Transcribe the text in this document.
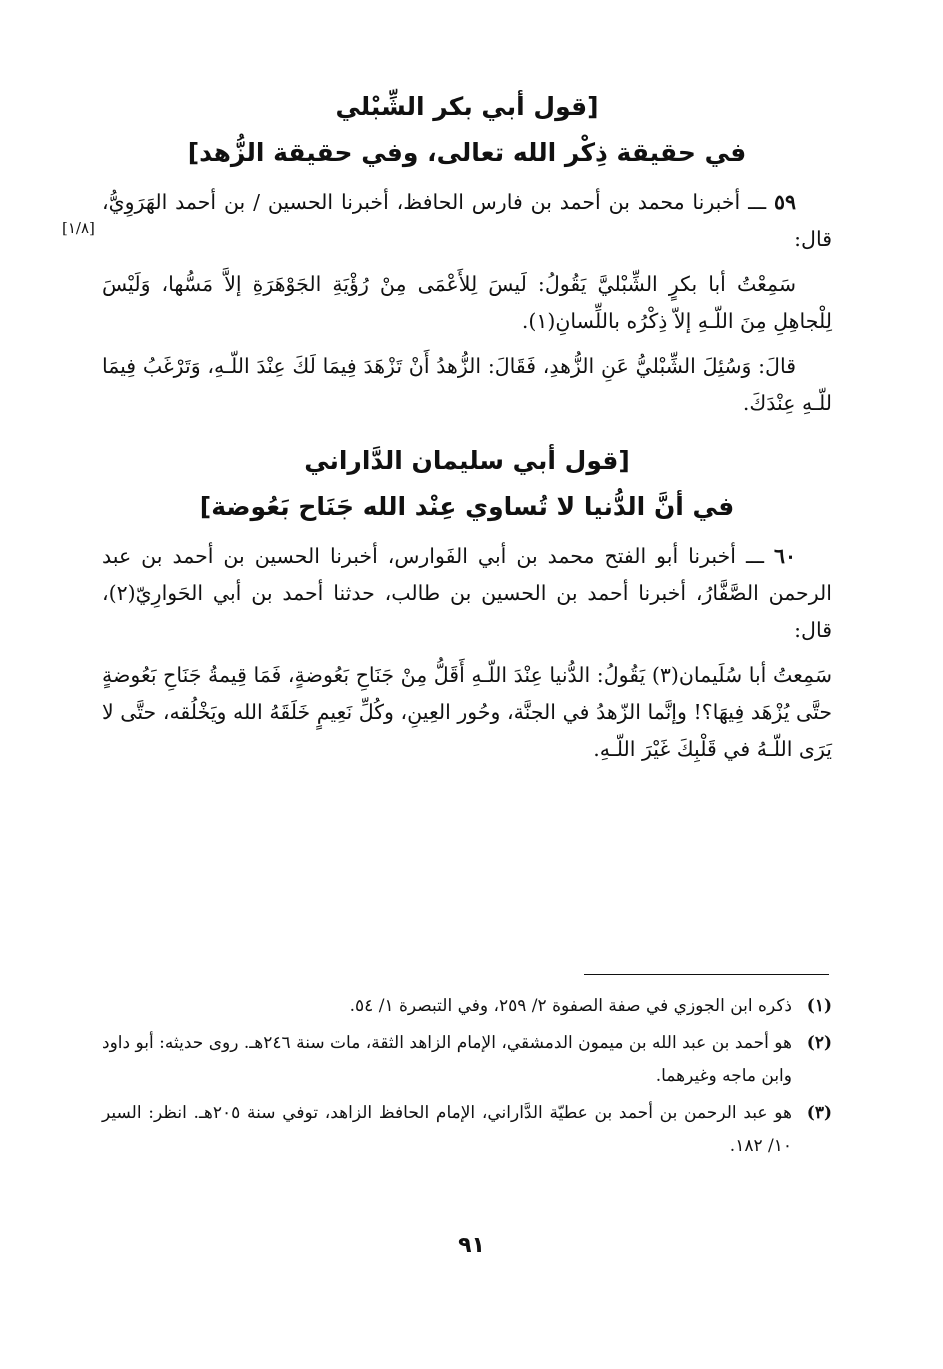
[قول أبي بكر الشِّبْلي
في حقيقة ذِكْر الله تعالى، وفي حقيقة الزُّهد]

٥٩ ـــ أخبرنا محمد بن أحمد بن فارس الحافظ، أخبرنا الحسين / بن أحمد الهَرَوِيُّ، قال:

سَمِعْتُ أبا بكرٍ الشِّبْليَّ يَقُولُ: لَيسَ لِلأَعْمَى مِنْ رُؤْيَةِ الجَوْهَرَةِ إلاَّ مَسُّها، وَلَيْسَ لِلْجاهِلِ مِنَ اللّـهِ إلاّ ذِكْرُه باللِّسانِ(١).

قالَ: وَسُئِلَ الشِّبْليُّ عَنِ الزُّهدِ، فَقَالَ: الزُّهدُ أَنْ تَزْهَدَ فِيمَا لَكَ عِنْدَ اللّـهِ، وَتَرْغَبُ فِيمَا للّـهِ عِنْدَكَ.

[قول أبي سليمان الدَّاراني
في أنَّ الدُّنيا لا تُساوي عِنْد الله جَنَاح بَعُوضة]

٦٠ ـــ أخبرنا أبو الفتح محمد بن أبي الفَوارس، أخبرنا الحسين بن أحمد بن عبد الرحمن الصَّفَّارُ، أخبرنا أحمد بن الحسين بن طالب، حدثنا أحمد بن أبي الحَوارِيّ(٢)، قال:

سَمِعتُ أبا سُلَيمان(٣) يَقُولُ: الدُّنيا عِنْدَ اللّـهِ أَقَلُّ مِنْ جَنَاحِ بَعُوضةٍ، فَمَا قِيمةُ جَنَاحِ بَعُوضةٍ حتَّى يُزْهَد فِيهَا؟! وإنَّما الزّهدُ في الجنَّة، وحُور العِينِ، وكُلِّ نَعِيمٍ خَلَقَهُ الله ويَخْلُقه، حتَّى لا يَرَى اللّـهُ في قَلْبِكَ غَيْرَ اللّـهِ.

[١/٨]
(١)
ذكره ابن الجوزي في صفة الصفوة ٢/ ٢٥٩، وفي التبصرة ١/ ٥٤.
(٢)
هو أحمد بن عبد الله بن ميمون الدمشقي، الإمام الزاهد الثقة، مات سنة ٢٤٦هـ. روى حديثه: أبو داود وابن ماجه وغيرهما.
(٣)
هو عبد الرحمن بن أحمد بن عطيّة الدَّاراني، الإمام الحافظ الزاهد، توفي سنة ٢٠٥هـ. انظر: السير ١٠/ ١٨٢.
٩١
